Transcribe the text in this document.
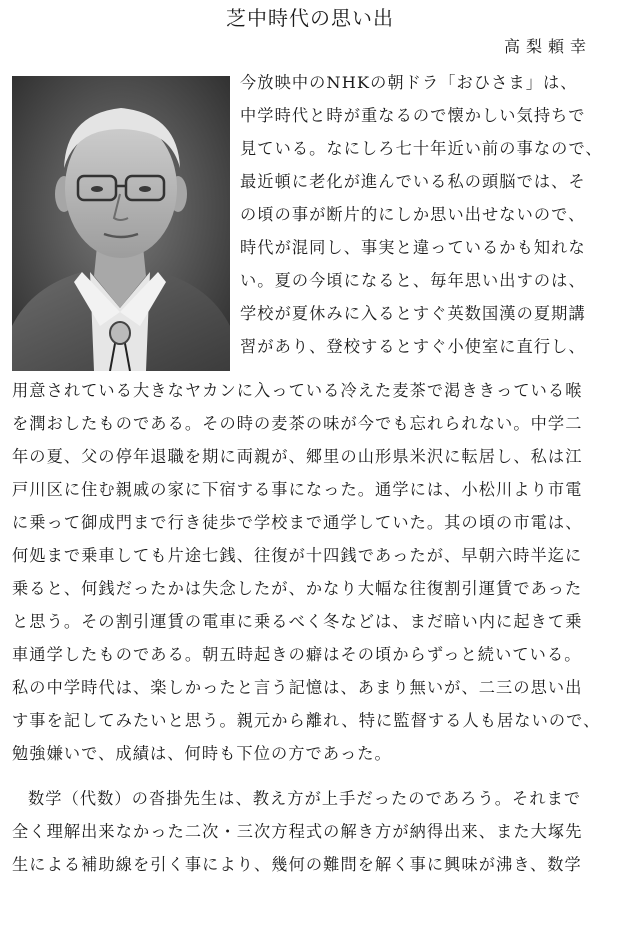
芝中時代の思い出
高梨頼幸
今放映中のNHKの朝ドラ「おひさま」は、
中学時代と時が重なるので懐かしい気持ちで
見ている。なにしろ七十年近い前の事なので、
最近頓に老化が進んでいる私の頭脳では、そ
の頃の事が断片的にしか思い出せないので、
時代が混同し、事実と違っているかも知れな
い。夏の今頃になると、毎年思い出すのは、
学校が夏休みに入るとすぐ英数国漢の夏期講
習があり、登校するとすぐ小使室に直行し、
用意されている大きなヤカンに入っている冷えた麦茶で渇ききっている喉
を潤おしたものである。その時の麦茶の味が今でも忘れられない。中学二
年の夏、父の停年退職を期に両親が、郷里の山形県米沢に転居し、私は江
戸川区に住む親戚の家に下宿する事になった。通学には、小松川より市電
に乗って御成門まで行き徒歩で学校まで通学していた。其の頃の市電は、
何処まで乗車しても片途七銭、往復が十四銭であったが、早朝六時半迄に
乗ると、何銭だったかは失念したが、かなり大幅な往復割引運賃であった
と思う。その割引運賃の電車に乗るべく冬などは、まだ暗い内に起きて乗
車通学したものである。朝五時起きの癖はその頃からずっと続いている。
私の中学時代は、楽しかったと言う記憶は、あまり無いが、二三の思い出
す事を記してみたいと思う。親元から離れ、特に監督する人も居ないので、
勉強嫌いで、成績は、何時も下位の方であった。
数学（代数）の沓掛先生は、教え方が上手だったのであろう。それまで
全く理解出来なかった二次・三次方程式の解き方が納得出来、また大塚先
生による補助線を引く事により、幾何の難問を解く事に興味が沸き、数学
